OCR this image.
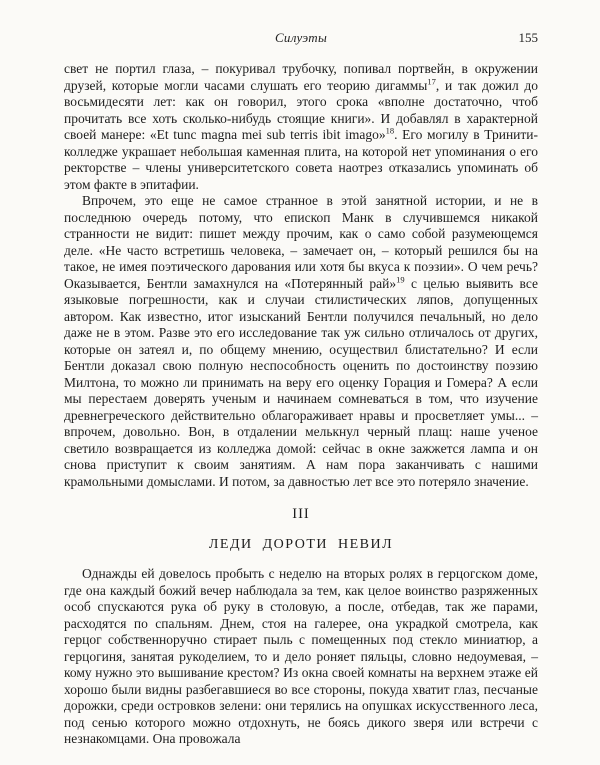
Силуэты	155

свет не портил глаза, – покуривал трубочку, попивал портвейн, в окружении друзей, которые могли часами слушать его теорию дигаммы$^{17}$, и так дожил до восьмидесяти лет: как он говорил, этого срока «вполне достаточно, чтоб прочитать все хоть сколько-нибудь стоящие книги». И добавлял в характерной своей манере: «Et tunc magna mei sub terris ibit imago»$^{18}$. Его могилу в Тринити-колледже украшает небольшая каменная плита, на которой нет упоминания о его ректорстве – члены университетского совета наотрез отказались упоминать об этом факте в эпитафии.

Впрочем, это еще не самое странное в этой занятной истории, и не в последнюю очередь потому, что епископ Манк в случившемся никакой странности не видит: пишет между прочим, как о само собой разумеющемся деле. «Не часто встретишь человека, – замечает он, – который решился бы на такое, не имея поэтического дарования или хотя бы вкуса к поэзии». О чем речь? Оказывается, Бентли замахнулся на «Потерянный рай»$^{19}$ с целью выявить все языковые погрешности, как и случаи стилистических ляпов, допущенных автором. Как известно, итог изысканий Бентли получился печальный, но дело даже не в этом. Разве это его исследование так уж сильно отличалось от других, которые он затеял и, по общему мнению, осуществил блистательно? И если Бентли доказал свою полную неспособность оценить по достоинству поэзию Милтона, то можно ли принимать на веру его оценку Горация и Гомера? А если мы перестаем доверять ученым и начинаем сомневаться в том, что изучение древнегреческого действительно облагораживает нравы и просветляет умы... – впрочем, довольно. Вон, в отдалении мелькнул черный плащ: наше ученое светило возвращается из колледжа домой: сейчас в окне зажжется лампа и он снова приступит к своим занятиям. А нам пора заканчивать с нашими крамольными домыслами. И потом, за давностью лет все это потеряло значение.

III
ЛЕДИ ДОРОТИ НЕВИЛ

Однажды ей довелось пробыть с неделю на вторых ролях в герцогском доме, где она каждый божий вечер наблюдала за тем, как целое воинство разряженных особ спускаются рука об руку в столовую, а после, отбедав, так же парами, расходятся по спальням. Днем, стоя на галерее, она украдкой смотрела, как герцог собственноручно стирает пыль с помещенных под стекло миниатюр, а герцогиня, занятая рукоделием, то и дело роняет пяльцы, словно недоумевая, – кому нужно это вышивание крестом? Из окна своей комнаты на верхнем этаже ей хорошо были видны разбегавшиеся во все стороны, покуда хватит глаз, песчаные дорожки, среди островков зелени: они терялись на опушках искусственного леса, под сенью которого можно отдохнуть, не боясь дикого зверя или встречи с незнакомцами. Она провожала
